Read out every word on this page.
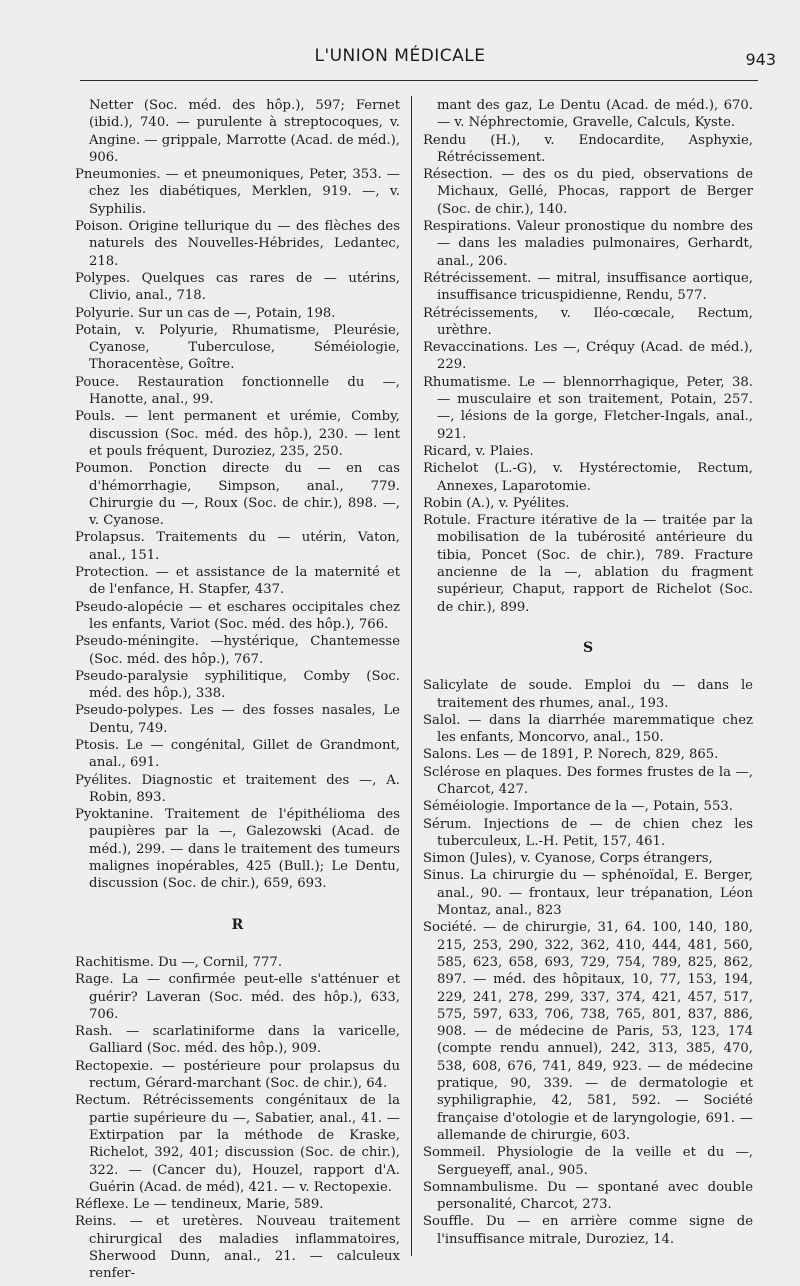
L'UNION MÉDICALE	943
Netter (Soc. méd. des hôp.), 597; Fernet (ibid.), 740. — purulente à streptocoques, v. Angine. — grippale, Marrotte (Acad. de méd.), 906.
Pneumonies. — et pneumoniques, Peter, 353. — chez les diabétiques, Merklen, 919. —, v. Syphilis.
Poison. Origine tellurique du — des flèches des naturels des Nouvelles-Hébrides, Ledantec, 218.
Polypes. Quelques cas rares de — utérins, Clivio, anal., 718.
Polyurie. Sur un cas de —, Potain, 198.
Potain, v. Polyurie, Rhumatisme, Pleurésie, Cyanose, Tuberculose, Séméiologie, Thoracentèse, Goître.
Pouce. Restauration fonctionnelle du —, Hanotte, anal., 99.
Pouls. — lent permanent et urémie, Comby, discussion (Soc. méd. des hôp.), 230. — lent et pouls fréquent, Duroziez, 235, 250.
Poumon. Ponction directe du — en cas d'hémorrhagie, Simpson, anal., 779. Chirurgie du —, Roux (Soc. de chir.), 898. —, v. Cyanose.
Prolapsus. Traitements du — utérin, Vaton, anal., 151.
Protection. — et assistance de la maternité et de l'enfance, H. Stapfer, 437.
Pseudo-alopécie — et eschares occipitales chez les enfants, Variot (Soc. méd. des hôp.), 766.
Pseudo-méningite. —hystérique, Chantemesse (Soc. méd. des hôp.), 767.
Pseudo-paralysie syphilitique, Comby (Soc. méd. des hôp.), 338.
Pseudo-polypes. Les — des fosses nasales, Le Dentu, 749.
Ptosis. Le — congénital, Gillet de Grandmont, anal., 691.
Pyélites. Diagnostic et traitement des —, A. Robin, 893.
Pyoktanine. Traitement de l'épithélioma des paupières par la —, Galezowski (Acad. de méd.), 299. — dans le traitement des tumeurs malignes inopérables, 425 (Bull.); Le Dentu, discussion (Soc. de chir.), 659, 693.
R
Rachitisme. Du —, Cornil, 777.
Rage. La — confirmée peut-elle s'atténuer et guérir? Laveran (Soc. méd. des hôp.), 633, 706.
Rash. — scarlatiniforme dans la varicelle, Galliard (Soc. méd. des hôp.), 909.
Rectopexie. — postérieure pour prolapsus du rectum, Gérard-marchant (Soc. de chir.), 64.
Rectum. Rétrécissements congénitaux de la partie supérieure du —, Sabatier, anal., 41. — Extirpation par la méthode de Kraske, Richelot, 392, 401; discussion (Soc. de chir.), 322. — (Cancer du), Houzel, rapport d'A. Guérin (Acad. de méd), 421. — v. Rectopexie.
Réflexe. Le — tendineux, Marie, 589.
Reins. — et uretères. Nouveau traitement chirurgical des maladies inflammatoires, Sherwood Dunn, anal., 21. — calculeux renfer-
mant des gaz, Le Dentu (Acad. de méd.), 670. — v. Néphrectomie, Gravelle, Calculs, Kyste.
Rendu (H.), v. Endocardite, Asphyxie, Rétrécissement.
Résection. — des os du pied, observations de Michaux, Gellé, Phocas, rapport de Berger (Soc. de chir.), 140.
Respirations. Valeur pronostique du nombre des — dans les maladies pulmonaires, Gerhardt, anal., 206.
Rétrécissement. — mitral, insuffisance aortique, insuffisance tricuspidienne, Rendu, 577.
Rétrécissements, v. Iléo-cœcale, Rectum, urèthre.
Revaccinations. Les —, Créquy (Acad. de méd.), 229.
Rhumatisme. Le — blennorrhagique, Peter, 38. — musculaire et son traitement, Potain, 257. —, lésions de la gorge, Fletcher-Ingals, anal., 921.
Ricard, v. Plaies.
Richelot (L.-G), v. Hystérectomie, Rectum, Annexes, Laparotomie.
Robin (A.), v. Pyélites.
Rotule. Fracture itérative de la — traitée par la mobilisation de la tubérosité antérieure du tibia, Poncet (Soc. de chir.), 789. Fracture ancienne de la —, ablation du fragment supérieur, Chaput, rapport de Richelot (Soc. de chir.), 899.
S
Salicylate de soude. Emploi du — dans le traitement des rhumes, anal., 193.
Salol. — dans la diarrhée maremmatique chez les enfants, Moncorvo, anal., 150.
Salons. Les — de 1891, P. Norech, 829, 865.
Sclérose en plaques. Des formes frustes de la —, Charcot, 427.
Séméiologie. Importance de la —, Potain, 553.
Sérum. Injections de — de chien chez les tuberculeux, L.-H. Petit, 157, 461.
Simon (Jules), v. Cyanose, Corps étrangers,
Sinus. La chirurgie du — sphénoïdal, E. Berger, anal., 90. — frontaux, leur trépanation, Léon Montaz, anal., 823
Société. — de chirurgie, 31, 64. 100, 140, 180, 215, 253, 290, 322, 362, 410, 444, 481, 560, 585, 623, 658, 693, 729, 754, 789, 825, 862, 897. — méd. des hôpitaux, 10, 77, 153, 194, 229, 241, 278, 299, 337, 374, 421, 457, 517, 575, 597, 633, 706, 738, 765, 801, 837, 886, 908. — de médecine de Paris, 53, 123, 174 (compte rendu annuel), 242, 313, 385, 470, 538, 608, 676, 741, 849, 923. — de médecine pratique, 90, 339. — de dermatologie et syphiligraphie, 42, 581, 592. — Société française d'otologie et de laryngologie, 691. — allemande de chirurgie, 603.
Sommeil. Physiologie de la veille et du —, Sergueyeff, anal., 905.
Somnambulisme. Du — spontané avec double personalité, Charcot, 273.
Souffle. Du — en arrière comme signe de l'insuffisance mitrale, Duroziez, 14.
